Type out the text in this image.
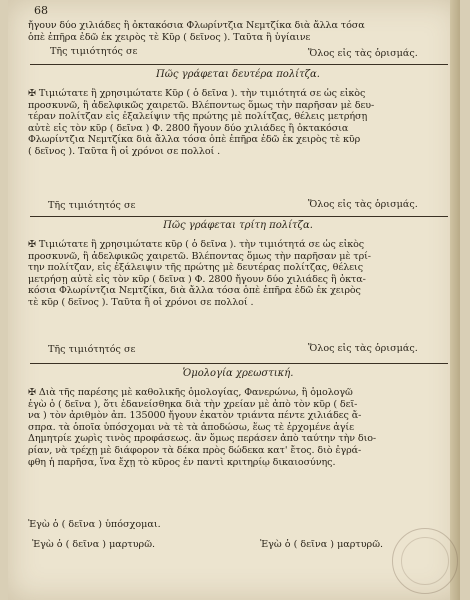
68
ἤγουν δύο χιλιάδες ἢ ὀκτακόσια Φλωρίντζια Νεμτζίκα διὰ ἄλλα τόσα
ὁπὲ ἐπῆρα ἐδῶ ἐκ χειρὸς τὲ Κῦρ ( δεῖνος ). Ταῦτα ἢ ὑγίαινε
Τῆς τιμιότητός σε	Ὅλος εἰς τὰς ὁρισμάς.
Πῶς γράφεται δευτέρα πολίτζα.
✠ Τιμιώτατε ἢ χρησιμώτατε Κῦρ ( ὁ δεῖνα ). τὴν τιμιότητά σε ὡς εἰκὸς
προσκυνῶ, ἢ ἀδελφικῶς χαιρετῶ. Βλέποντως ὅμως τὴν παρῆσαν μὲ δευ-
τέραν πολίτζαν εἰς ἐξαλείψιν τῆς πρώτης μὲ πολίτζας, θέλεις μετρήσῃ
αὐτὲ εἰς τὸν κῦρ ( δεῖνα ) Φ. 2800 ἤγουν δύο χιλιάδες ἢ ὀκτακόσια
Φλωρίντζια Νεμτζίκα διὰ ἄλλα τόσα ὁπὲ ἐπῆρα ἐδῶ ἐκ χειρὸς τὲ κῦρ
( δεῖνος ). Ταῦτα ἢ οἱ χρόνοι σε πολλοί .
Τῆς τιμιότητός σε	Ὅλος εἰς τὰς ὁρισμάς.
Πῶς γράφεται τρίτη πολίτζα.
✠ Τιμιώτατε ἢ χρησιμώτατε κῦρ ( ὁ δεῖνα ). τὴν τιμιότητά σε ὡς εἰκὸς
προσκυνῶ, ἢ ἀδελφικῶς χαιρετῶ. Βλέποντας ὅμως τὴν παρῆσαν μὲ τρί-
την πολίτζαν, εἰς ἐξάλειψιν τῆς πρώτης μὲ δευτέρας πολίτζας, θέλεις
μετρήσῃ αὐτὲ εἰς τὸν κῦρ ( δεῖνα ) Φ. 2800 ἤγουν δύο χιλιάδες ἢ ὀκτα-
κόσια Φλωρίντζια Νεμτζίκα, διὰ ἄλλα τόσα ὁπὲ ἐπῆρα ἐδῶ ἐκ χειρὸς
τὲ κῦρ ( δεῖνος ). Ταῦτα ἢ οἱ χρόνοι σε πολλοί .
Τῆς τιμιότητός σε	Ὅλος εἰς τὰς ὁρισμάς.
Ὁμολογία χρεωστική.
✠ Διὰ τῆς παρέσης μὲ καθολικῆς ὁμολογίας, Φανερώνω, ἢ ὁμολογῶ
ἐγὼ ὁ ( δεῖνα ), ὅτι ἐδανείσθηκα διὰ τὴν χρείαν μὲ ἀπὸ τὸν κῦρ ( δεῖ-
να ) τὸν ἀριθμὸν ἀπ. 135000 ἤγουν ἑκατὸν τριάντα πέντε χιλιάδες ἄ-
σπρα. τὰ ὁποῖα ὑπόσχομαι νὰ τὲ τὰ ἀποδώσω, ἕως τὲ ἐρχομένε ἁγίε
Δημητρίε χωρὶς τινὸς προφάσεως. ἂν ὅμως περάσεν ἀπὸ ταύτην τὴν διο-
ρίαν, νὰ τρέχῃ μὲ διάφορον τὰ δέκα πρὸς δώδεκα κατ' ἔτος. διὸ ἐγρά-
φθη ἡ παρῆσα, ἵνα ἔχῃ τὸ κῦρος ἐν παντὶ κριτηρίῳ δικαιοσύνης.
Ἐγὼ ὁ ( δεῖνα ) ὑπόσχομαι.
Ἐγὼ ὁ ( δεῖνα ) μαρτυρῶ.	Ἐγὼ ὁ ( δεῖνα ) μαρτυρῶ.
